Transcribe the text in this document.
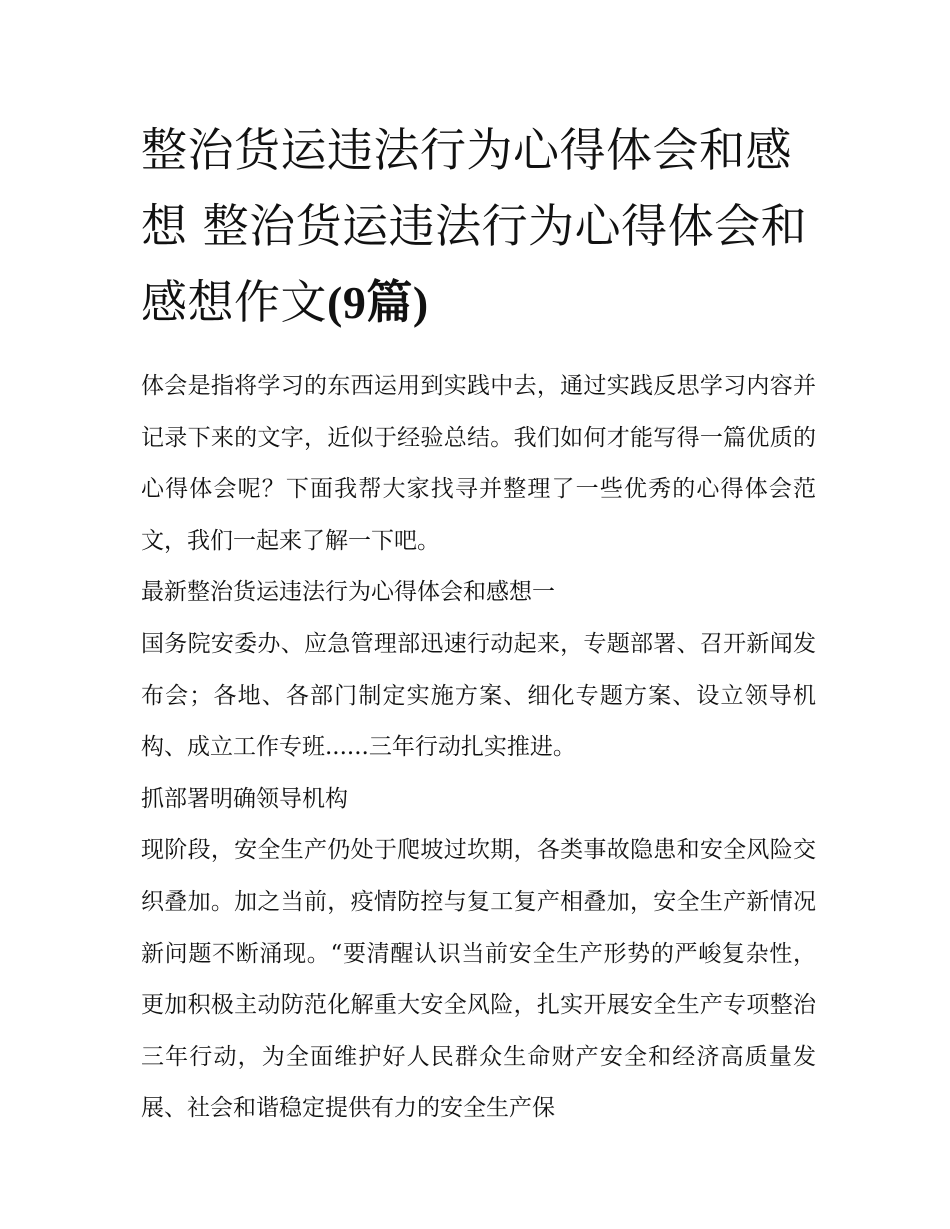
整治货运违法行为心得体会和感想 整治货运违法行为心得体会和感想作文(9篇)

体会是指将学习的东西运用到实践中去，通过实践反思学习内容并记录下来的文字，近似于经验总结。我们如何才能写得一篇优质的心得体会呢？下面我帮大家找寻并整理了一些优秀的心得体会范文，我们一起来了解一下吧。

最新整治货运违法行为心得体会和感想一

国务院安委办、应急管理部迅速行动起来，专题部署、召开新闻发布会；各地、各部门制定实施方案、细化专题方案、设立领导机构、成立工作专班......三年行动扎实推进。

抓部署明确领导机构

现阶段，安全生产仍处于爬坡过坎期，各类事故隐患和安全风险交织叠加。加之当前，疫情防控与复工复产相叠加，安全生产新情况新问题不断涌现。“要清醒认识当前安全生产形势的严峻复杂性，更加积极主动防范化解重大安全风险，扎实开展安全生产专项整治三年行动，为全面维护好人民群众生命财产安全和经济高质量发展、社会和谐稳定提供有力的安全生产保
